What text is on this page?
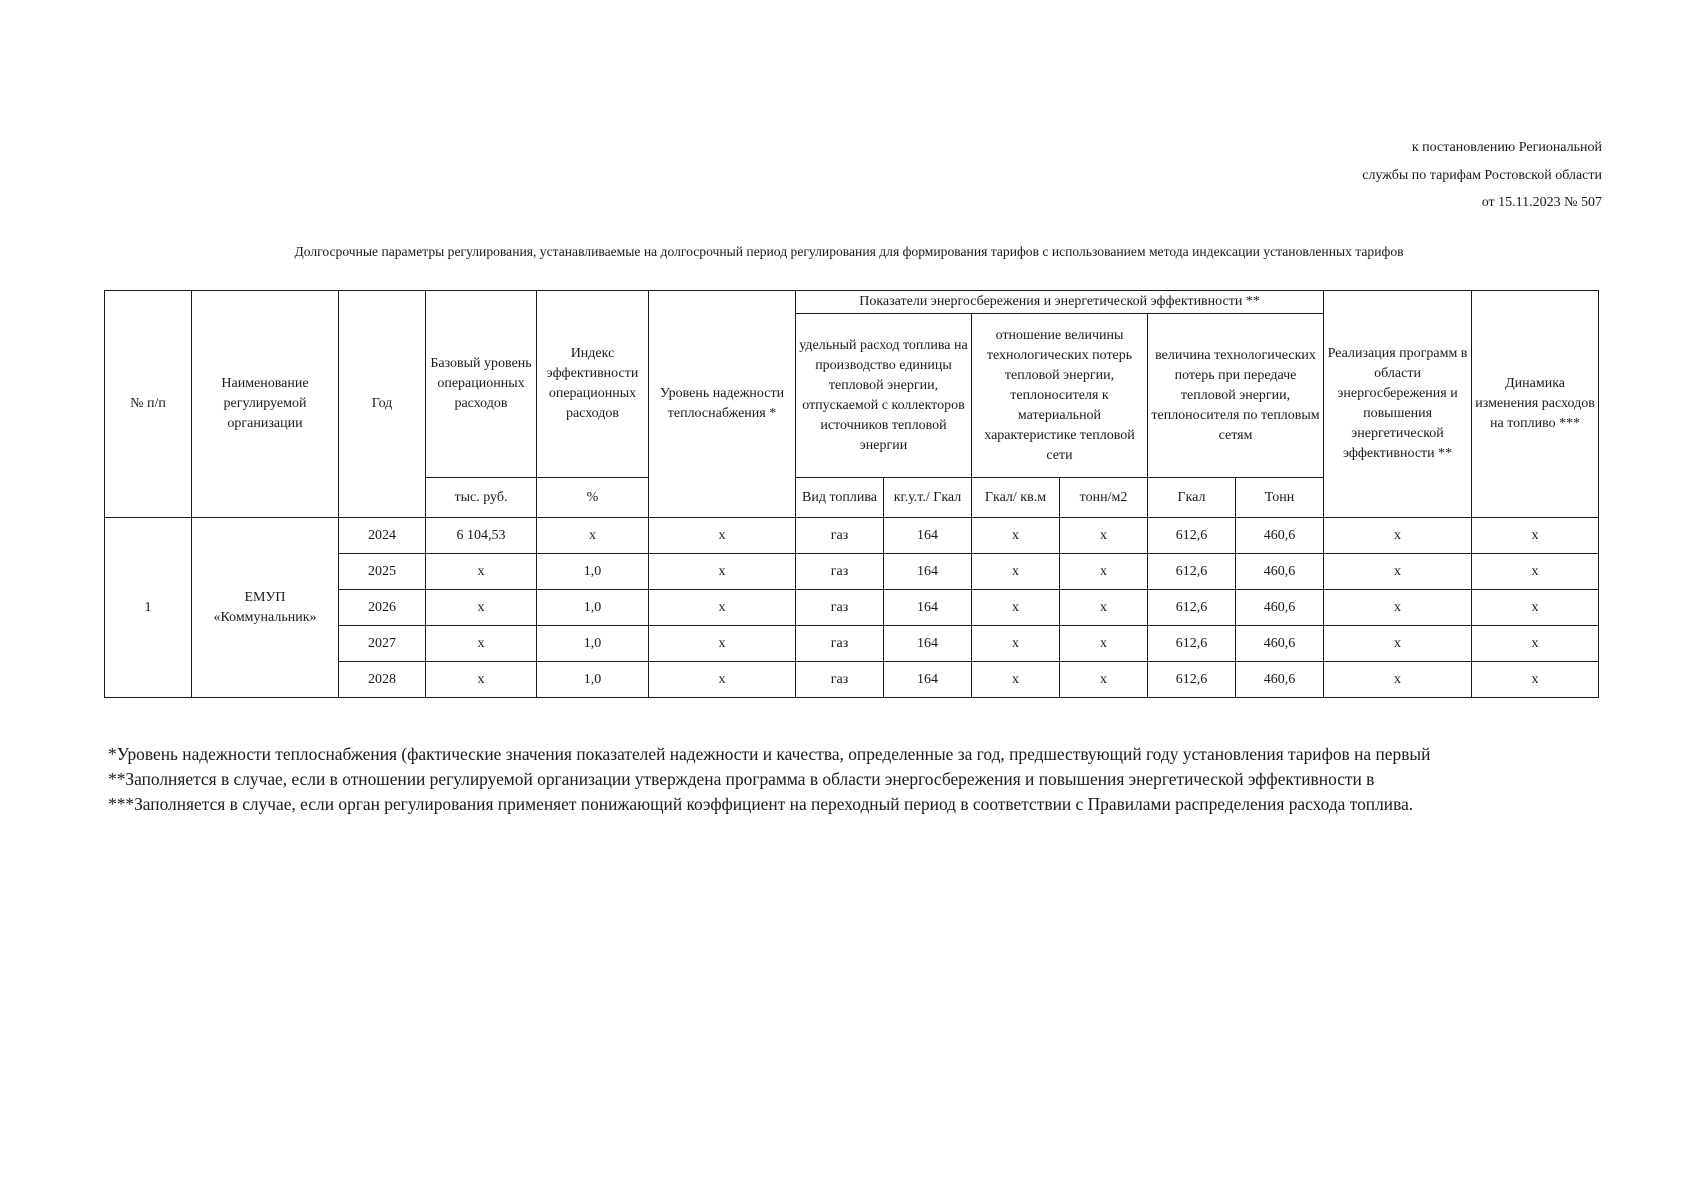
к постановлению Региональной
службы по тарифам Ростовской области
от 15.11.2023 № 507
Долгосрочные параметры регулирования, устанавливаемые на долгосрочный период регулирования для формирования тарифов с использованием метода индексации установленных тарифов
№ п/п	Наименование регулируемой организации	Год	Базовый уровень операционных расходов	Индекс эффективности операционных расходов	Уровень надежности теплоснабжения *	Показатели энергосбережения и энергетической эффективности **						Реализация программ в области энергосбережения и повышения энергетической эффективности **	Динамика изменения расходов на топливо ***
						удельный расход топлива на производство единицы тепловой энергии, отпускаемой с коллекторов источников тепловой энергии		отношение величины технологических потерь тепловой энергии, теплоносителя к материальной характеристике тепловой сети		величина технологических потерь при передаче тепловой энергии, теплоносителя по тепловым сетям			
			тыс. руб.	%		Вид топлива	кг.у.т./ Гкал	Гкал/ кв.м	тонн/м2	Гкал	Тонн		
1	ЕМУП «Коммунальник»	2024	6 104,53	х	х	газ	164	х	х	612,6	460,6	х	х
		2025	х	1,0	х	газ	164	х	х	612,6	460,6	х	х
		2026	х	1,0	х	газ	164	х	х	612,6	460,6	х	х
		2027	х	1,0	х	газ	164	х	х	612,6	460,6	х	х
		2028	х	1,0	х	газ	164	х	х	612,6	460,6	х	х
*Уровень надежности теплоснабжения (фактические значения показателей надежности и качества, определенные за год, предшествующий году установления тарифов на первый
**Заполняется в случае, если в отношении регулируемой организации утверждена программа в области энергосбережения и повышения энергетической эффективности в
***Заполняется в случае, если орган регулирования применяет понижающий коэффициент на переходный период в соответствии с Правилами распределения расхода топлива.
